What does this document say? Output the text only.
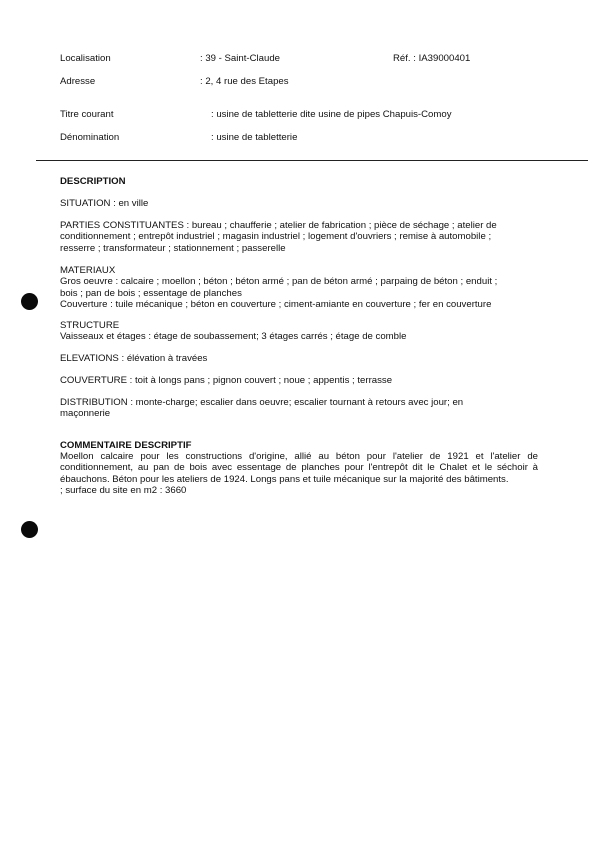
Localisation	: 39 - Saint-Claude	Réf. : IA39000401
Adresse	: 2, 4 rue des Etapes
Titre courant	: usine de tabletterie dite usine de pipes Chapuis-Comoy
Dénomination	: usine de tabletterie
DESCRIPTION
SITUATION : en ville
PARTIES CONSTITUANTES : bureau ; chaufferie ; atelier de fabrication ; pièce de séchage ; atelier de
conditionnement ; entrepôt industriel ; magasin industriel ; logement d'ouvriers ; remise à automobile ;
resserre ; transformateur ; stationnement ; passerelle
MATERIAUX
Gros oeuvre : calcaire ; moellon ; béton ; béton armé ; pan de béton armé ; parpaing de béton ; enduit ;
bois ; pan de bois ; essentage de planches
Couverture : tuile mécanique ; béton en couverture ; ciment-amiante en couverture ; fer en couverture
STRUCTURE
Vaisseaux et étages : étage de soubassement; 3 étages carrés ; étage de comble
ELEVATIONS : élévation à travées
COUVERTURE : toit à longs pans ; pignon couvert ; noue ; appentis ; terrasse
DISTRIBUTION : monte-charge; escalier dans oeuvre; escalier tournant à retours avec jour; en
maçonnerie
COMMENTAIRE DESCRIPTIF
Moellon calcaire pour les constructions d'origine, allié au béton pour l'atelier de 1921 et l'atelier de
conditionnement, au pan de bois avec essentage de planches pour l'entrepôt dit le Chalet et le séchoir à
ébauchons. Béton pour les ateliers de 1924. Longs pans et tuile mécanique sur la majorité des bâtiments.
; surface du site en m2 : 3660
